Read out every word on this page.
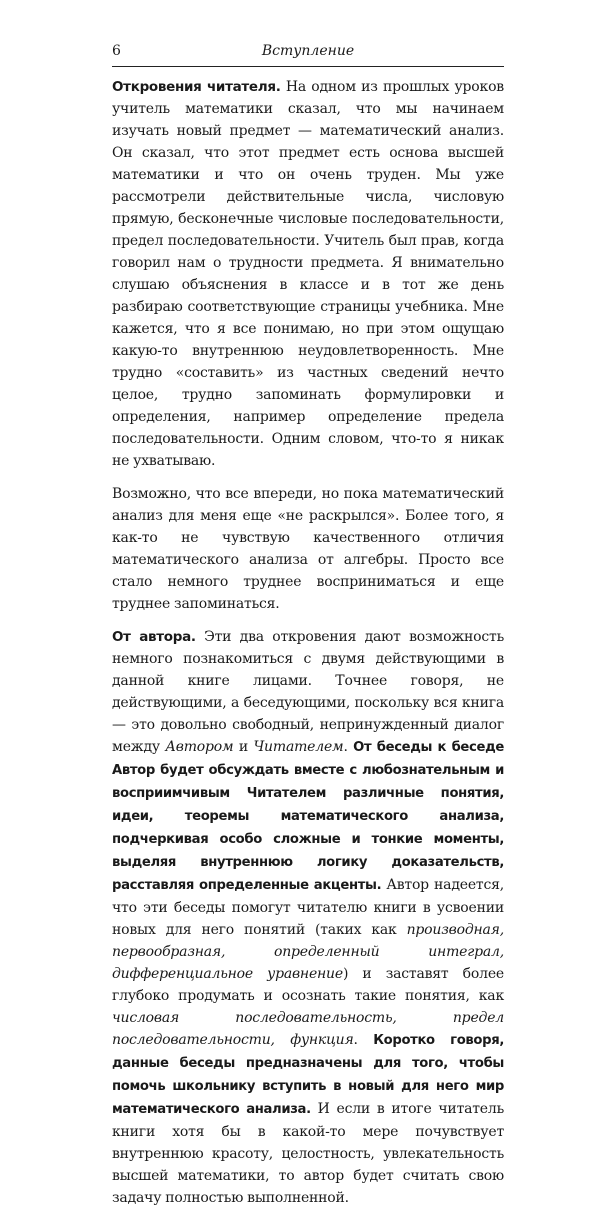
6	Вступление

Откровения читателя. На одном из прошлых уроков учитель математики сказал, что мы начинаем изучать новый предмет — математический анализ. Он сказал, что этот предмет есть основа высшей математики и что он очень труден. Мы уже рассмотрели действительные числа, числовую прямую, бесконечные числовые последовательности, предел последовательности. Учитель был прав, когда говорил нам о трудности предмета. Я внимательно слушаю объяснения в классе и в тот же день разбираю соответствующие страницы учебника. Мне кажется, что я все понимаю, но при этом ощущаю какую-то внутреннюю неудовлетворенность. Мне трудно «составить» из частных сведений нечто целое, трудно запоминать формулировки и определения, например определение предела последовательности. Одним словом, что-то я никак не ухватываю.

Возможно, что все впереди, но пока математический анализ для меня еще «не раскрылся». Более того, я как-то не чувствую качественного отличия математического анализа от алгебры. Просто все стало немного труднее восприниматься и еще труднее запоминаться.

От автора. Эти два откровения дают возможность немного познакомиться с двумя действующими в данной книге лицами. Точнее говоря, не действующими, а беседующими, поскольку вся книга — это довольно свободный, непринужденный диалог между Автором и Читателем. От беседы к беседе Автор будет обсуждать вместе с любознательным и восприимчивым Читателем различные понятия, идеи, теоремы математического анализа, подчеркивая особо сложные и тонкие моменты, выделяя внутреннюю логику доказательств, расставляя определенные акценты. Автор надеется, что эти беседы помогут читателю книги в усвоении новых для него понятий (таких как производная, первообразная, определенный интеграл, дифференциальное уравнение) и заставят более глубоко продумать и осознать такие понятия, как числовая последовательность, предел последовательности, функция. Коротко говоря, данные беседы предназначены для того, чтобы помочь школьнику вступить в новый для него мир математического анализа. И если в итоге читатель книги хотя бы в какой-то мере почувствует внутреннюю красоту, целостность, увлекательность высшей математики, то автор будет считать свою задачу полностью выполненной.
